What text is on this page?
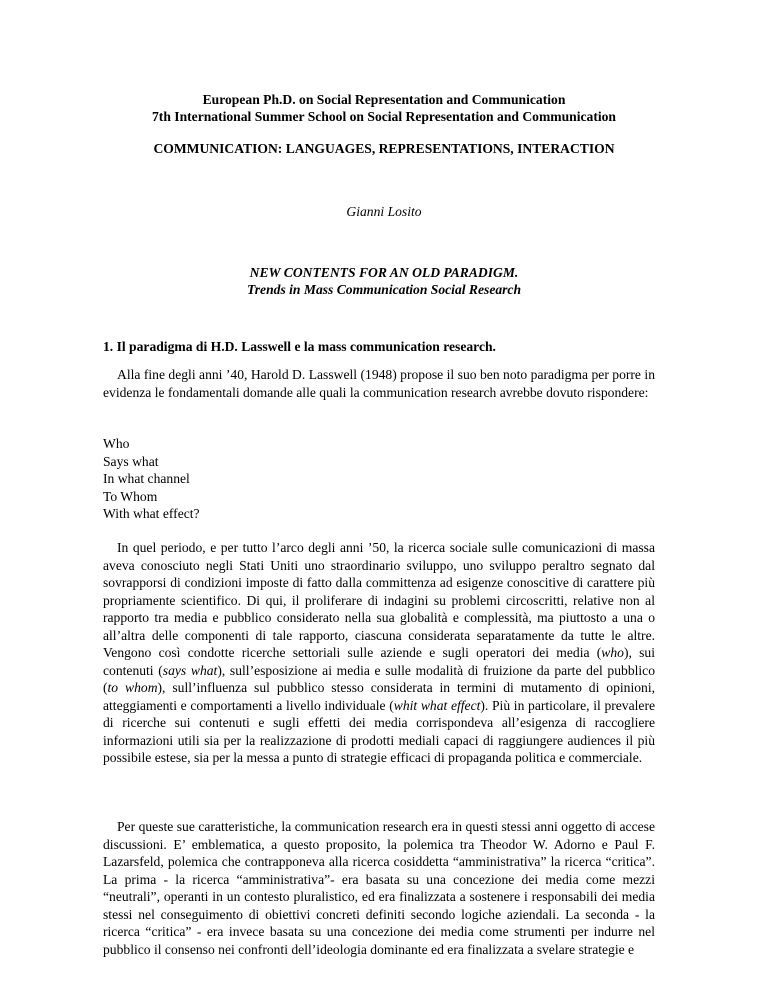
European Ph.D. on Social Representation and Communication
7th International Summer School on Social Representation and Communication
COMMUNICATION: LANGUAGES, REPRESENTATIONS, INTERACTION
Gianni Losito
NEW CONTENTS FOR AN OLD PARADIGM.
Trends in Mass Communication Social Research
1. Il paradigma di H.D. Lasswell e la mass communication research.

Alla fine degli anni ’40, Harold D. Lasswell (1948) propose il suo ben noto paradigma per porre in evidenza le fondamentali domande alle quali la communication research avrebbe dovuto rispondere:

Who
Says what
In what channel
To Whom
With what effect?

In quel periodo, e per tutto l’arco degli anni ’50, la ricerca sociale sulle comunicazioni di massa aveva conosciuto negli Stati Uniti uno straordinario sviluppo, uno sviluppo peraltro segnato dal sovrapporsi di condizioni imposte di fatto dalla committenza ad esigenze conoscitive di carattere più propriamente scientifico. Di qui, il proliferare di indagini su problemi circoscritti, relative non al rapporto tra media e pubblico considerato nella sua globalità e complessità, ma piuttosto a una o all’altra delle componenti di tale rapporto, ciascuna considerata separatamente da tutte le altre. Vengono così condotte ricerche settoriali sulle aziende e sugli operatori dei media (who), sui contenuti (says what), sull’esposizione ai media e sulle modalità di fruizione da parte del pubblico (to whom), sull’influenza sul pubblico stesso considerata in termini di mutamento di opinioni, atteggiamenti e comportamenti a livello individuale (whit what effect). Più in particolare, il prevalere di ricerche sui contenuti e sugli effetti dei media corrispondeva all’esigenza di raccogliere informazioni utili sia per la realizzazione di prodotti mediali capaci di raggiungere audiences il più possibile estese, sia per la messa a punto di strategie efficaci di propaganda politica e commerciale.

Per queste sue caratteristiche, la communication research era in questi stessi anni oggetto di accese discussioni. E’ emblematica, a questo proposito, la polemica tra Theodor W. Adorno e Paul F. Lazarsfeld, polemica che contrapponeva alla ricerca cosiddetta “amministrativa” la ricerca “critica”. La prima - la ricerca “amministrativa”- era basata su una concezione dei media come mezzi “neutrali”, operanti in un contesto pluralistico, ed era finalizzata a sostenere i responsabili dei media stessi nel conseguimento di obiettivi concreti definiti secondo logiche aziendali. La seconda - la ricerca “critica” - era invece basata su una concezione dei media come strumenti per indurre nel pubblico il consenso nei confronti dell’ideologia dominante ed era finalizzata a svelare strategie e
